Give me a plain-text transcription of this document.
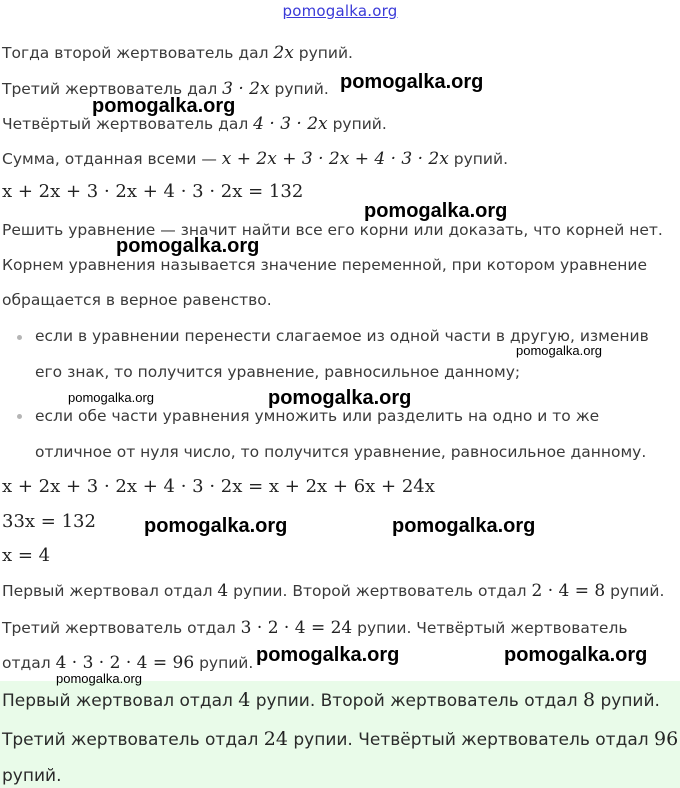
pomogalka.org
Тогда второй жертвователь дал 2x рупий.
Третий жертвователь дал 3 · 2x рупий.
Четвёртый жертвователь дал 4 · 3 · 2x рупий.
Сумма, отданная всеми — x + 2x + 3 · 2x + 4 · 3 · 2x рупий.
x + 2x + 3 · 2x + 4 · 3 · 2x = 132
Решить уравнение — значит найти все его корни или доказать, что корней нет.
Корнем уравнения называется значение переменной, при котором уравнение
обращается в верное равенство.
если в уравнении перенести слагаемое из одной части в другую, изменив
его знак, то получится уравнение, равносильное данному;
если обе части уравнения умножить или разделить на одно и то же
отличное от нуля число, то получится уравнение, равносильное данному.
x + 2x + 3 · 2x + 4 · 3 · 2x = x + 2x + 6x + 24x
33x = 132
x = 4
Первый жертвовал отдал 4 рупии. Второй жертвователь отдал 2 · 4 = 8 рупий.
Третий жертвователь отдал 3 · 2 · 4 = 24 рупии. Четвёртый жертвователь
отдал 4 · 3 · 2 · 4 = 96 рупий.
Первый жертвовал отдал 4 рупии. Второй жертвователь отдал 8 рупий.
Третий жертвователь отдал 24 рупии. Четвёртый жертвователь отдал 96
рупий.
pomogalka.org
pomogalka.org
pomogalka.org
pomogalka.org
pomogalka.org
pomogalka.org	pomogalka.org
pomogalka.org	pomogalka.org
pomogalka.org	pomogalka.org
pomogalka.org
